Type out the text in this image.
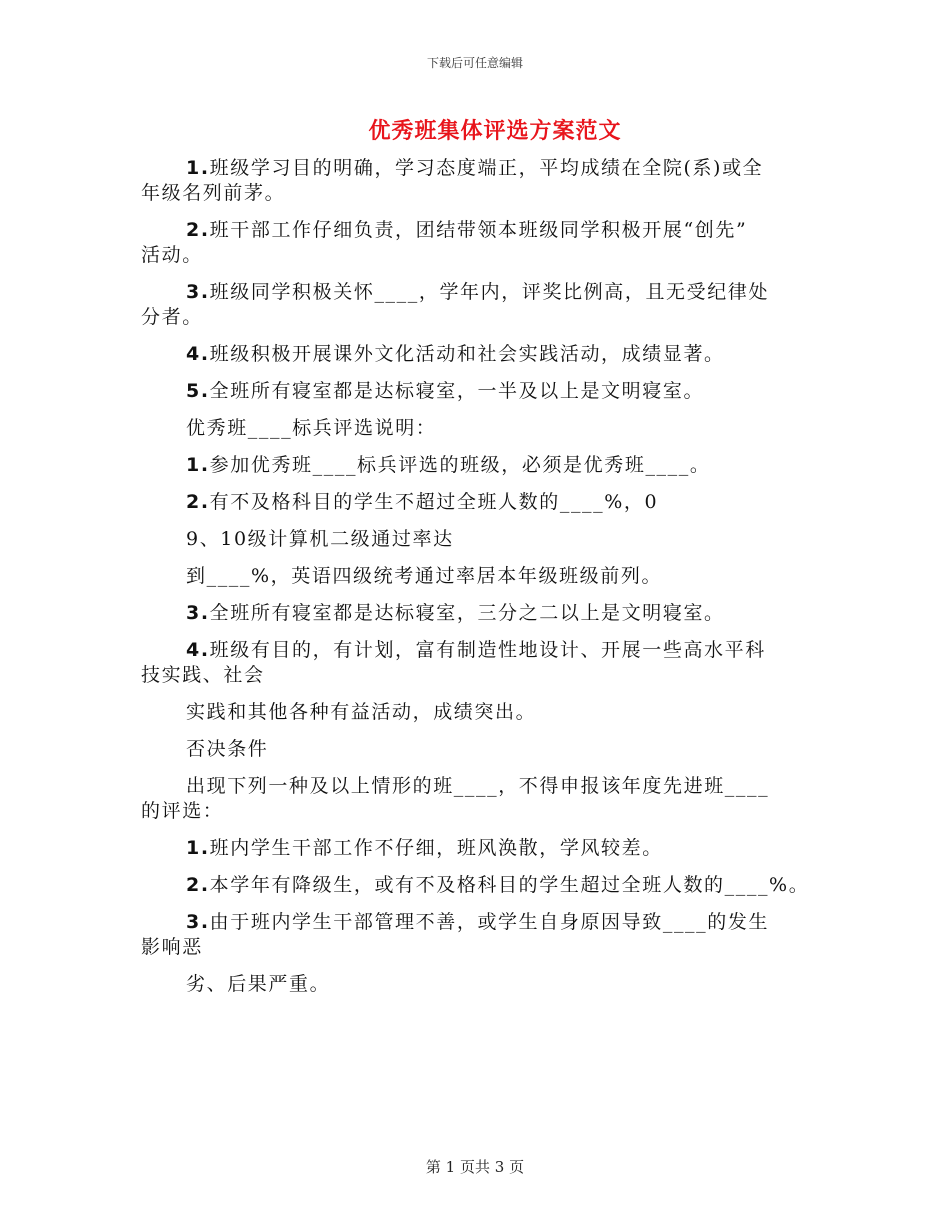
下载后可任意编辑
优秀班集体评选方案范文
1.班级学习目的明确，学习态度端正，平均成绩在全院(系)或全
年级名列前茅。
2.班干部工作仔细负责，团结带领本班级同学积极开展“创先”
活动。
3.班级同学积极关怀____，学年内，评奖比例高，且无受纪律处
分者。
4.班级积极开展课外文化活动和社会实践活动，成绩显著。
5.全班所有寝室都是达标寝室，一半及以上是文明寝室。
优秀班____标兵评选说明：
1.参加优秀班____标兵评选的班级，必须是优秀班____。
2.有不及格科目的学生不超过全班人数的____%，0
9、10级计算机二级通过率达
到____%，英语四级统考通过率居本年级班级前列。
3.全班所有寝室都是达标寝室，三分之二以上是文明寝室。
4.班级有目的，有计划，富有制造性地设计、开展一些高水平科
技实践、社会
实践和其他各种有益活动，成绩突出。
否决条件
出现下列一种及以上情形的班____，不得申报该年度先进班____
的评选：
1.班内学生干部工作不仔细，班风涣散，学风较差。
2.本学年有降级生，或有不及格科目的学生超过全班人数的____%。
3.由于班内学生干部管理不善，或学生自身原因导致____的发生
影响恶
劣、后果严重。
第 1 页共 3 页
